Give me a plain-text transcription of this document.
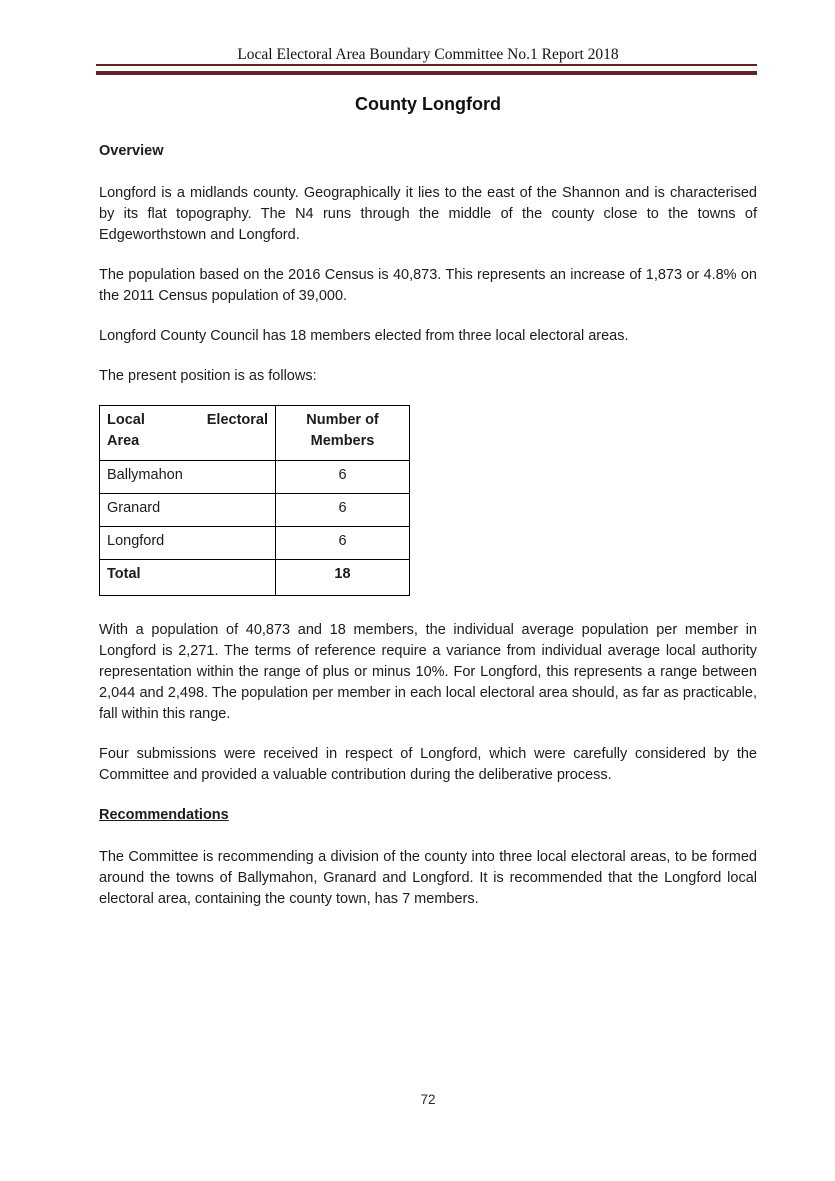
Local Electoral Area Boundary Committee No.1 Report 2018
County Longford
Overview

Longford is a midlands county. Geographically it lies to the east of the Shannon and is characterised by its flat topography. The N4 runs through the middle of the county close to the towns of Edgeworthstown and Longford.

The population based on the 2016 Census is 40,873. This represents an increase of 1,873 or 4.8% on the 2011 Census population of 39,000.

Longford County Council has 18 members elected from three local electoral areas.

The present position is as follows:

Local Electoral Area	Number of Members
Ballymahon	6
Granard	6
Longford	6
Total	18

With a population of 40,873 and 18 members, the individual average population per member in Longford is 2,271. The terms of reference require a variance from individual average local authority representation within the range of plus or minus 10%. For Longford, this represents a range between 2,044 and 2,498. The population per member in each local electoral area should, as far as practicable, fall within this range.

Four submissions were received in respect of Longford, which were carefully considered by the Committee and provided a valuable contribution during the deliberative process.

Recommendations

The Committee is recommending a division of the county into three local electoral areas, to be formed around the towns of Ballymahon, Granard and Longford. It is recommended that the Longford local electoral area, containing the county town, has 7 members.

72
